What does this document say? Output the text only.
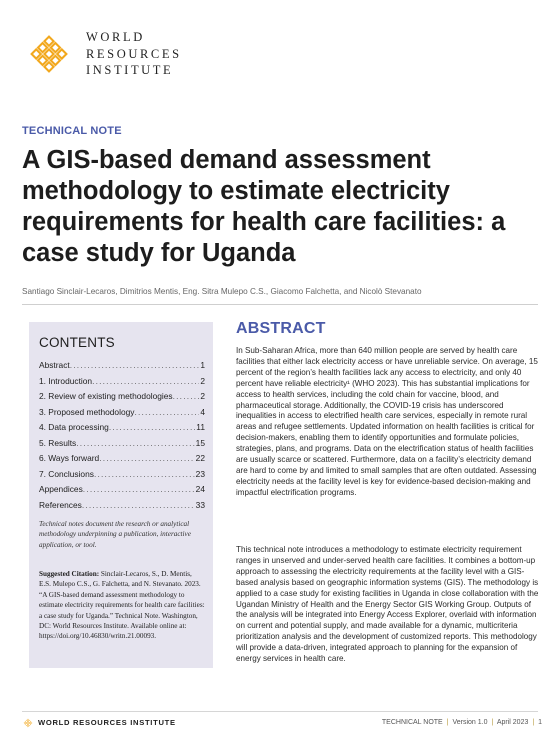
WORLD
RESOURCES
INSTITUTE
TECHNICAL NOTE
A GIS-based demand assessment methodology to estimate electricity requirements for health care facilities: a case study for Uganda
Santiago Sinclair-Lecaros, Dimitrios Mentis, Eng. Sitra Mulepo C.S., Giacomo Falchetta, and Nicolò Stevanato
CONTENTS
Abstract .....	1
1. Introduction .....	2
2. Review of existing methodologies .....	2
3. Proposed methodology .....	4
4. Data processing .....	11
5. Results .....	15
6. Ways forward .....	22
7. Conclusions .....	23
Appendices .....	24
References .....	33
Technical notes document the research or analytical methodology underpinning a publication, interactive application, or tool.
Suggested Citation: Sinclair-Lecaros, S., D. Mentis, E.S. Mulepo C.S., G. Falchetta, and N. Stevanato. 2023. “A GIS-based demand assessment methodology to estimate electricity requirements for health care facilities: a case study for Uganda.” Technical Note. Washington, DC: World Resources Institute. Available online at: https://doi.org/10.46830/writn.21.00093.
ABSTRACT

In Sub-Saharan Africa, more than 640 million people are served by health care facilities that either lack electricity access or have unreliable service. On average, 15 percent of the region’s health facilities lack any access to electricity, and only 40 percent have reliable electricity¹ (WHO 2023). This has substantial implications for access to health services, including the cold chain for vaccine, blood, and pharmaceutical storage. Additionally, the COVID-19 crisis has underscored inequalities in access to electrified health care services, especially in remote rural areas and refugee settlements. Updated information on health facilities is critical for decision-makers, enabling them to identify opportunities and formulate policies, strategies, plans, and programs. Data on the electrification status of health facilities are usually scarce or scattered. Furthermore, data on a facility’s electricity demand are hard to come by and limited to small samples that are often outdated. Assessing electricity needs at the facility level is key for evidence-based decision-making and impactful electrification programs.

This technical note introduces a methodology to estimate electricity requirement ranges in unserved and under-served health care facilities. It combines a bottom-up approach to assessing the electricity requirements at the facility level with a GIS-based analysis based on geographic information systems (GIS). The methodology is applied to a case study for existing facilities in Uganda in close collaboration with the Ugandan Ministry of Health and the Energy Sector GIS Working Group. Outputs of the analysis will be integrated into Energy Access Explorer, overlaid with information on current and potential supply, and made available for a dynamic, multicriteria prioritization analysis and the development of customized reports. This methodology will provide a data-driven, integrated approach to planning for the expansion of energy services in health care.

WORLD RESOURCES INSTITUTE	TECHNICAL NOTE | Version 1.0 | April 2023 | 1
